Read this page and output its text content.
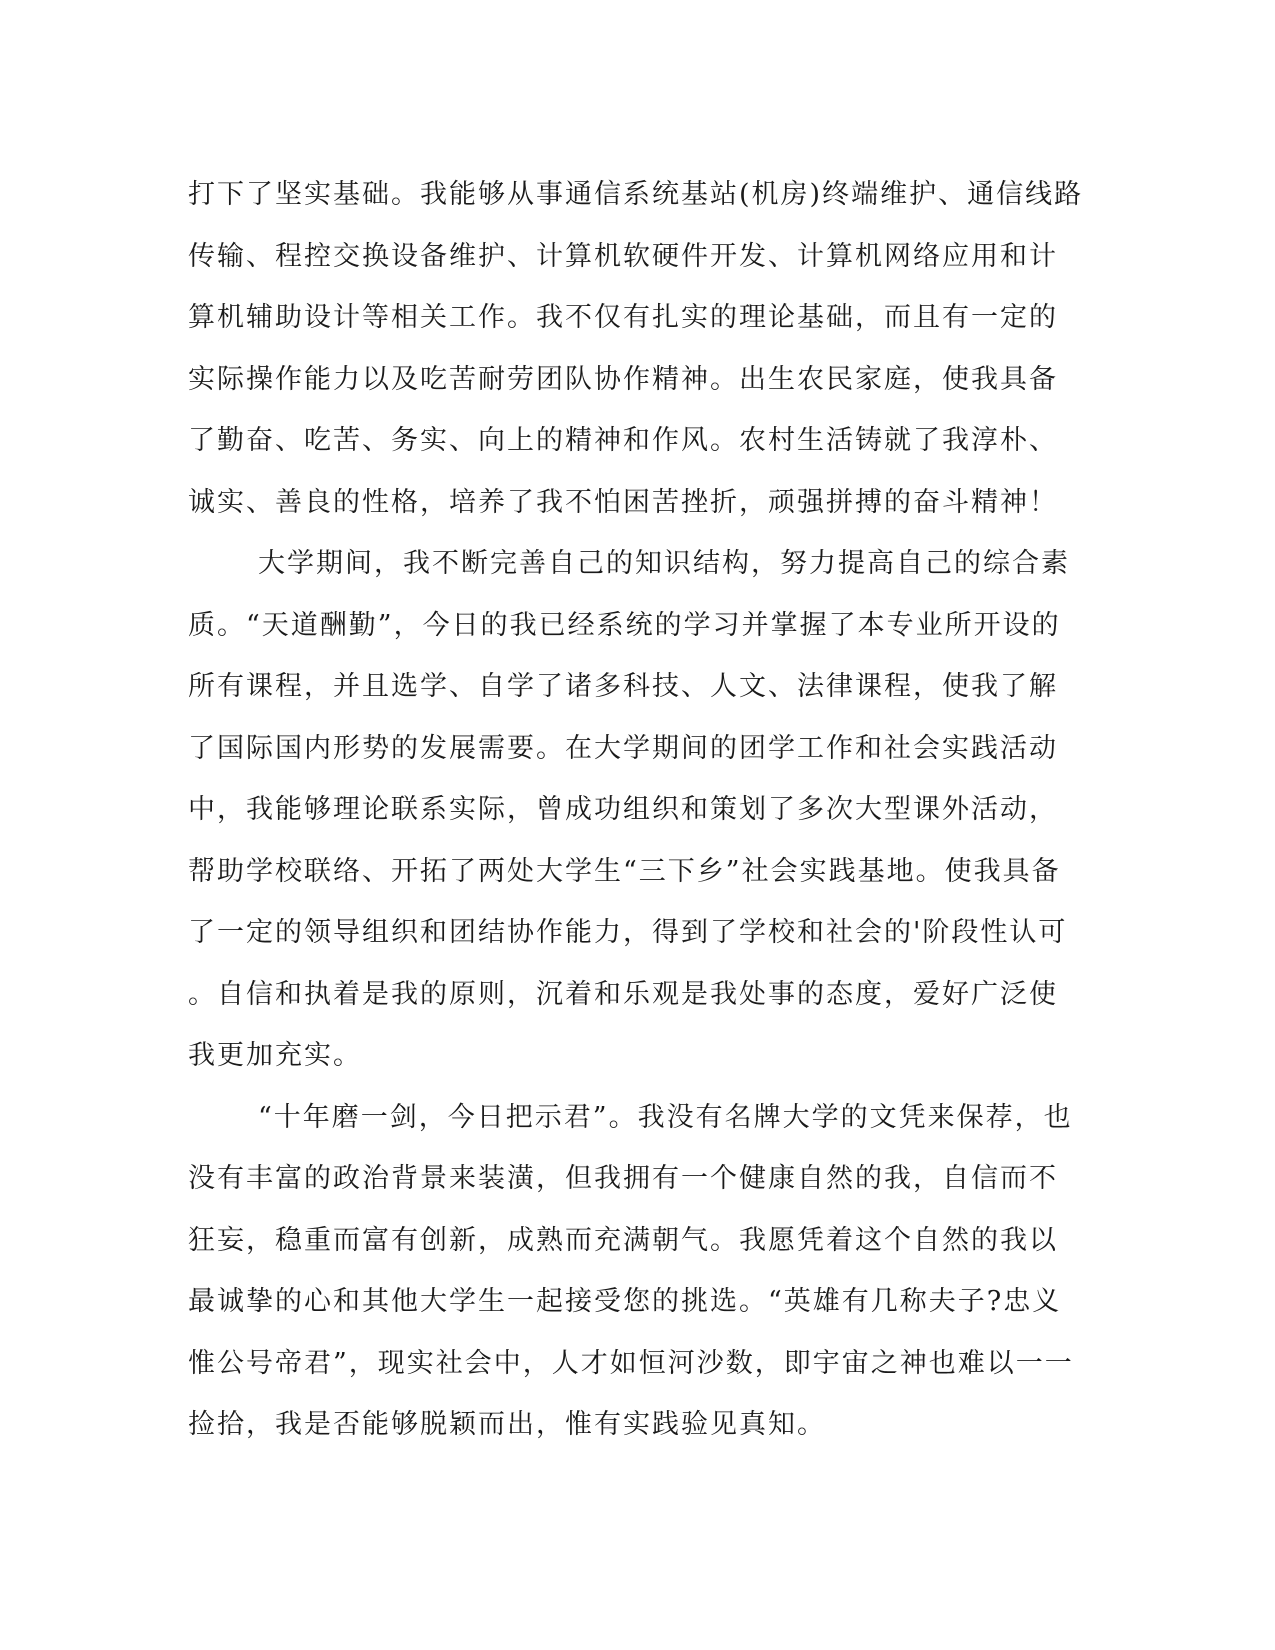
打下了坚实基础。我能够从事通信系统基站(机房)终端维护、通信线路
传输、程控交换设备维护、计算机软硬件开发、计算机网络应用和计
算机辅助设计等相关工作。我不仅有扎实的理论基础，而且有一定的
实际操作能力以及吃苦耐劳团队协作精神。出生农民家庭，使我具备
了勤奋、吃苦、务实、向上的精神和作风。农村生活铸就了我淳朴、
诚实、善良的性格，培养了我不怕困苦挫折，顽强拼搏的奋斗精神！
大学期间，我不断完善自己的知识结构，努力提高自己的综合素
质。“天道酬勤”，今日的我已经系统的学习并掌握了本专业所开设的
所有课程，并且选学、自学了诸多科技、人文、法律课程，使我了解
了国际国内形势的发展需要。在大学期间的团学工作和社会实践活动
中，我能够理论联系实际，曾成功组织和策划了多次大型课外活动，
帮助学校联络、开拓了两处大学生“三下乡”社会实践基地。使我具备
了一定的领导组织和团结协作能力，得到了学校和社会的'阶段性认可
。自信和执着是我的原则，沉着和乐观是我处事的态度，爱好广泛使
我更加充实。
“十年磨一剑，今日把示君”。我没有名牌大学的文凭来保荐，也
没有丰富的政治背景来装潢，但我拥有一个健康自然的我，自信而不
狂妄，稳重而富有创新，成熟而充满朝气。我愿凭着这个自然的我以
最诚挚的心和其他大学生一起接受您的挑选。“英雄有几称夫子?忠义
惟公号帝君”，现实社会中，人才如恒河沙数，即宇宙之神也难以一一
捡拾，我是否能够脱颖而出，惟有实践验见真知。
